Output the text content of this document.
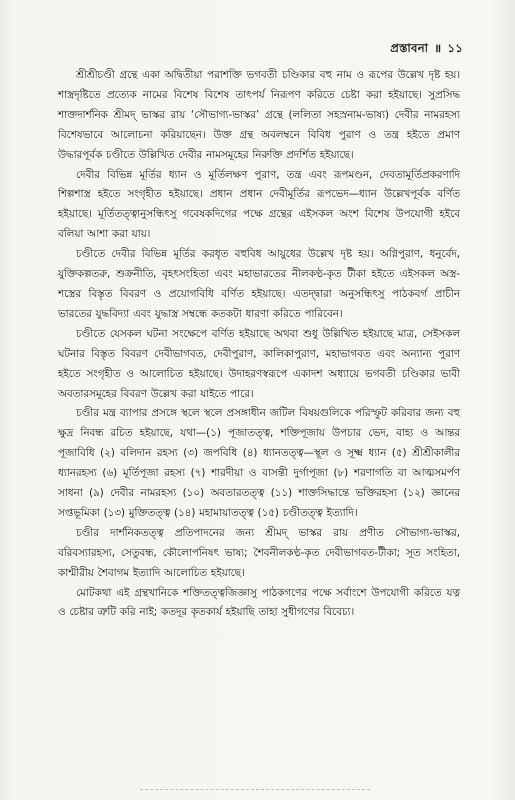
প্রস্তাবনা ॥ ১১

শ্রীশ্রীচণ্ডী গ্রন্থে একা অদ্বিতীয়া পরাশক্তি ভগবতী চণ্ডিকার বহু নাম ও রূপের উল্লেখ দৃষ্ট হয়। শাস্ত্রদৃষ্টিতে প্রত্যেক নামের বিশেষ বিশেষ তাৎপর্য নিরূপণ করিতে চেষ্টা করা হইয়াছে। সুপ্রসিদ্ধ শাক্তদার্শনিক শ্রীমদ্ ভাস্কর রায় ‘সৌভাগ্য-ভাস্কর’ গ্রন্থে (ললিতা সহস্রনাম-ভাষ্য) দেবীর নামরহস্য বিশেষভাবে আলোচনা করিয়াছেন। উক্ত গ্রন্থ অবলম্বনে বিবিধ পুরাণ ও তন্ত্র হইতে প্রমাণ উদ্ধারপূর্বক চণ্ডীতে উল্লিখিত দেবীর নামসমূহের নিরুক্তি প্রদর্শিত হইয়াছে।

দেবীর বিভিন্ন মূর্তির ধ্যান ও মূর্তিলক্ষণ পুরাণ, তন্ত্র এবং রূপমণ্ডন, দেবতামূর্তিপ্রকরণাদি শিল্পশাস্ত্র হইতে সংগৃহীত হইয়াছে। প্রধান প্রধান দেবীমূর্তির রূপভেদ—ধ্যান উল্লেখপূর্বক বর্ণিত হইয়াছে। মূর্তিতত্ত্বানুসন্ধিৎসু গবেষকদিগের পক্ষে গ্রন্থের এইসকল অংশ বিশেষ উপযোগী হইবে বলিয়া আশা করা যায়।

চণ্ডীতে দেবীর বিভিন্ন মূর্তির করধৃত বহুবিধ আয়ুধের উল্লেখ দৃষ্ট হয়। অগ্নিপুরাণ, ধনুর্বেদ, যুক্তিকল্পতরু, শুক্রনীতি, বৃহৎসংহিতা এবং মহাভারতের নীলকণ্ঠ-কৃত টীকা হইতে এইসকল অস্ত্র-শস্ত্রের বিস্তৃত বিবরণ ও প্রয়োগবিধি বর্ণিত হইয়াছে। এতদ্দ্বারা অনুসন্ধিৎসু পাঠকবর্গ প্রাচীন ভারতের যুদ্ধবিদ্যা এবং যুদ্ধাস্ত্র সম্বন্ধে কতকটা ধারণা করিতে পারিবেন।

চণ্ডীতে যেসকল ঘটনা সংক্ষেপে বর্ণিত হইয়াছে অথবা শুধু উল্লিখিত হইয়াছে মাত্র, সেইসকল ঘটনার বিস্তৃত বিবরণ দেবীভাগবত, দেবীপুরাণ, কালিকাপুরাণ, মহাভাগবত এবং অন্যান্য পুরাণ হইতে সংগৃহীত ও আলোচিত হইয়াছে। উদাহরণস্বরূপে একাদশ অধ্যায়ে ভগবতী চণ্ডিকার ভাবী অবতারসমূহের বিবরণ উল্লেখ করা যাইতে পারে।

চণ্ডীর মন্ত্র ব্যাপার প্রসঙ্গে স্থলে স্থলে প্রসঙ্গাধীন জটিল বিষয়গুলিকে পরিস্ফুট করিবার জন্য বহু ক্ষুদ্র নিবন্ধ রচিত হইয়াছে, যথা—(১) পূজাতত্ত্ব, শক্তিপূজায় উপচার ভেদ, বাহ্য ও আন্তর পূজাবিধি (২) বলিদান রহস্য (৩) জপবিধি (৪) ধ্যানতত্ত্ব—স্থূল ও সূক্ষ্ম ধ্যান (৫) শ্রীশ্রীকালীর ধ্যানরহস্য (৬) মূর্তিপূজা রহস্য (৭) শারদীয়া ও বাসন্তী দুর্গাপূজা (৮) শরণাগতি বা আত্মসমর্পণ সাধনা (৯) দেবীর নামরহস্য (১০) অবতারতত্ত্ব (১১) শাক্তসিদ্ধান্তে ভক্তিরহস্য (১২) জ্ঞানের সপ্তভূমিকা (১৩) মুক্তিতত্ত্ব (১৪) মহামায়াতত্ত্ব (১৫) চণ্ডীতত্ত্ব ইত্যাদি।

চণ্ডীর দার্শনিকতত্ত্ব প্রতিপাদনের জন্য শ্রীমদ্ ভাস্কর রায় প্রণীত সৌভাগ্য-ভাস্কর, বরিবস্যারহস্য, সেতুবন্ধ, কৌলোপনিষৎ ভাষ্য; শৈবনীলকণ্ঠ-কৃত দেবীভাগবত-টীকা; সূত সংহিতা, কাশ্মীরীয় শৈবাগম ইত্যাদি আলোচিত হইয়াছে।

মোটকথা এই গ্রন্থখানিকে শক্তিতত্ত্বজিজ্ঞাসু পাঠকগণের পক্ষে সর্বাংশে উপযোগী করিতে যত্ন ও চেষ্টার ত্রুটি করি নাই; কতদূর কৃতকার্য হইয়াছি তাহা সুধীগণের বিবেচ্য।
